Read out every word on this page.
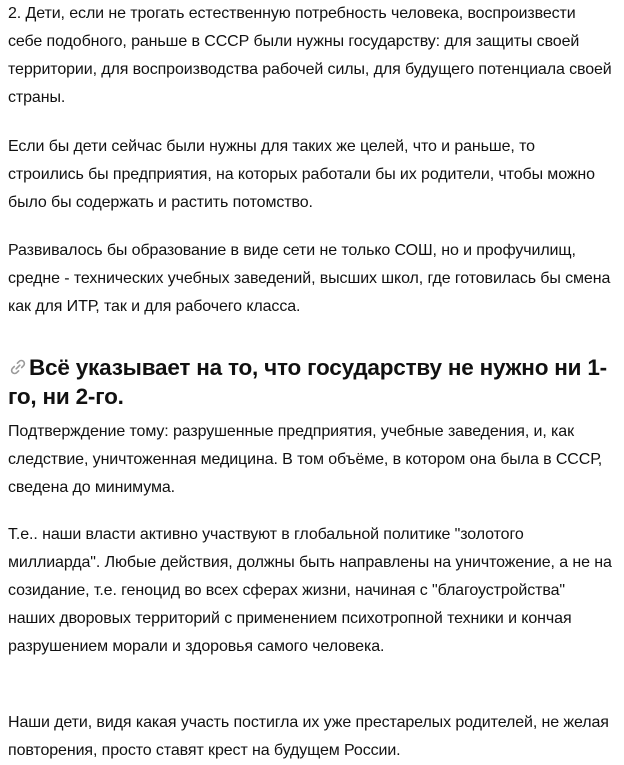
2. Дети, если не трогать естественную потребность человека, воспроизвести себе подобного, раньше в СССР были нужны государству: для защиты своей территории, для воспроизводства рабочей силы, для будущего потенциала своей страны.

Если бы дети сейчас были нужны для таких же целей, что и раньше, то строились бы предприятия, на которых работали бы их родители, чтобы можно было бы содержать и растить потомство.

Развивалось бы образование в виде сети не только СОШ, но и профучилищ, средне - технических учебных заведений, высших школ, где готовилась бы смена как для ИТР, так и для рабочего класса.

Всё указывает на то, что государству не нужно ни 1-го, ни 2-го.

Подтверждение тому: разрушенные предприятия, учебные заведения, и, как следствие, уничтоженная медицина. В том объёме, в котором она была в СССР, сведена до минимума.

Т.е.. наши власти активно участвуют в глобальной политике "золотого миллиарда". Любые действия, должны быть направлены на уничтожение, а не на созидание, т.е. геноцид во всех сферах жизни, начиная с "благоустройства" наших дворовых территорий с применением психотропной техники и кончая разрушением морали и здоровья самого человека.

Наши дети, видя какая участь постигла их уже престарелых родителей, не желая повторения, просто ставят крест на будущем России.
